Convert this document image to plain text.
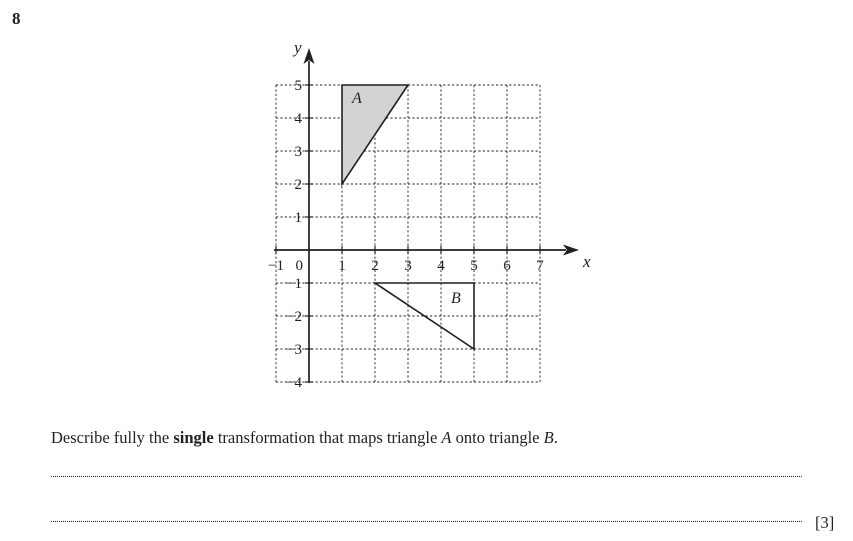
8
−1 0 1 2 3 4 5 6 7
5
4
3
2
1
−1
−2
−3
−4
x
y
A
B
Describe fully the single transformation that maps triangle A onto triangle B.
[3]
